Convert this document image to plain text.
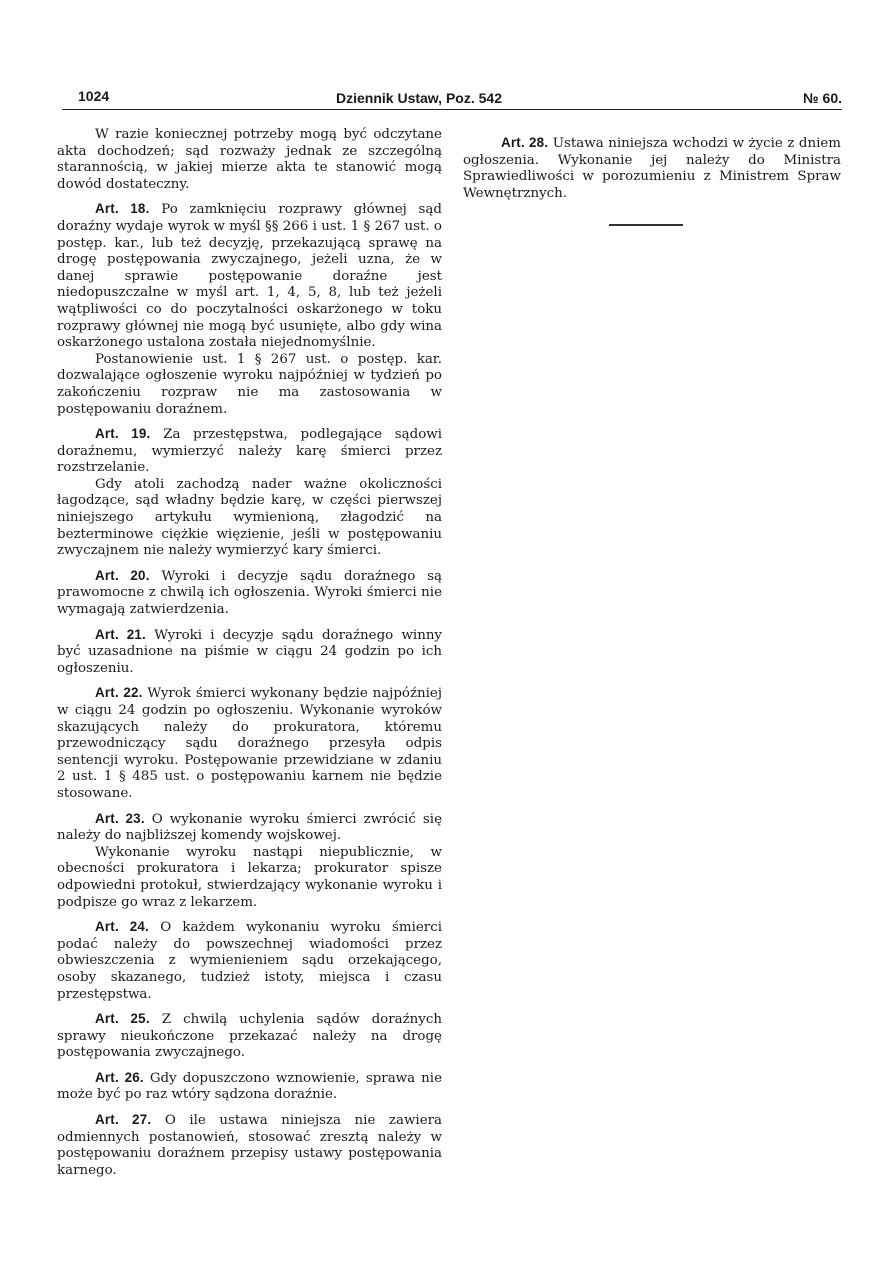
1024	Dziennik Ustaw, Poz. 542	№ 60.

W razie koniecznej potrzeby mogą być odczytane akta dochodzeń; sąd rozważy jednak ze szczególną starannością, w jakiej mierze akta te stanowić mogą dowód dostateczny.

Art. 18. Po zamknięciu rozprawy głównej sąd doraźny wydaje wyrok w myśl §§ 266 i ust. 1 § 267 ust. o postęp. kar., lub też decyzję, przekazującą sprawę na drogę postępowania zwyczajnego, jeżeli uzna, że w danej sprawie postępowanie doraźne jest niedopuszczalne w myśl art. 1, 4, 5, 8, lub też jeżeli wątpliwości co do poczytalności oskarżonego w toku rozprawy głównej nie mogą być usunięte, albo gdy wina oskarżonego ustalona została niejednomyślnie.

Postanowienie ust. 1 § 267 ust. o postęp. kar. dozwalające ogłoszenie wyroku najpóźniej w tydzień po zakończeniu rozpraw nie ma zastosowania w postępowaniu doraźnem.

Art. 19. Za przestępstwa, podlegające sądowi doraźnemu, wymierzyć należy karę śmierci przez rozstrzelanie.

Gdy atoli zachodzą nader ważne okoliczności łagodzące, sąd władny będzie karę, w części pierwszej niniejszego artykułu wymienioną, złagodzić na bezterminowe ciężkie więzienie, jeśli w postępowaniu zwyczajnem nie należy wymierzyć kary śmierci.

Art. 20. Wyroki i decyzje sądu doraźnego są prawomocne z chwilą ich ogłoszenia. Wyroki śmierci nie wymagają zatwierdzenia.

Art. 21. Wyroki i decyzje sądu doraźnego winny być uzasadnione na piśmie w ciągu 24 godzin po ich ogłoszeniu.

Art. 22. Wyrok śmierci wykonany będzie najpóźniej w ciągu 24 godzin po ogłoszeniu. Wykonanie wyroków skazujących należy do prokuratora, któremu przewodniczący sądu doraźnego przesyła odpis sentencji wyroku. Postępowanie przewidziane w zdaniu 2 ust. 1 § 485 ust. o postępowaniu karnem nie będzie stosowane.

Art. 23. O wykonanie wyroku śmierci zwrócić się należy do najbliższej komendy wojskowej.

Wykonanie wyroku nastąpi niepublicznie, w obecności prokuratora i lekarza; prokurator spisze odpowiedni protokuł, stwierdzający wykonanie wyroku i podpisze go wraz z lekarzem.

Art. 24. O każdem wykonaniu wyroku śmierci podać należy do powszechnej wiadomości przez obwieszczenia z wymienieniem sądu orzekającego, osoby skazanego, tudzież istoty, miejsca i czasu przestępstwa.

Art. 25. Z chwilą uchylenia sądów doraźnych sprawy nieukończone przekazać należy na drogę postępowania zwyczajnego.

Art. 26. Gdy dopuszczono wznowienie, sprawa nie może być po raz wtóry sądzona doraźnie.

Art. 27. O ile ustawa niniejsza nie zawiera odmiennych postanowień, stosować zresztą należy w postępowaniu doraźnem przepisy ustawy postępowania karnego.

Art. 28. Ustawa niniejsza wchodzi w życie z dniem ogłoszenia. Wykonanie jej należy do Ministra Sprawiedliwości w porozumieniu z Ministrem Spraw Wewnętrznych.
